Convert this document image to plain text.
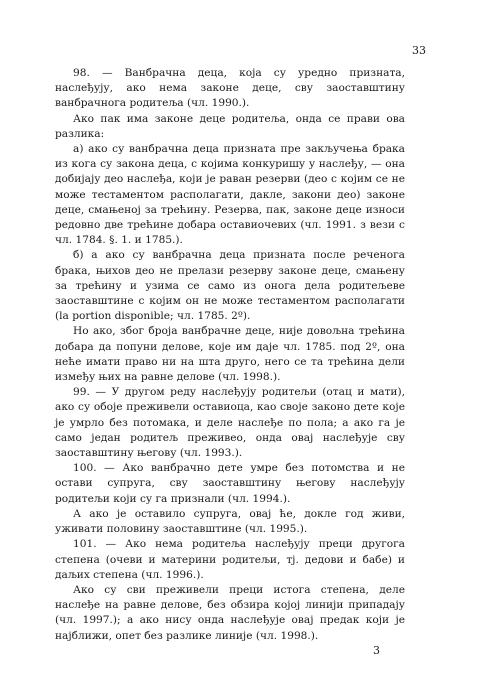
33

98. — Ванбрачна деца, која су уредно призната, наслеђују, ако нема законе деце, сву заоставштину ванбрачнога родитеља (чл. 1990.).

Ако пак има законе деце родитеља, онда се прави ова разлика:

а) ако су ванбрачна деца призната пре закључења брака из кога су закона деца, с којима конкуришу у наслеђу, — она добијају део наслеђа, који је раван резерви (део с којим се не може тестаментом располагати, дакле, закони део) законе деце, смањеној за трећину. Резерва, пак, законе деце износи редовно две трећине добара оставиочевих (чл. 1991. з вези с чл. 1784. §. 1. и 1785.).

б) а ако су ванбрачна деца призната после реченога брака, њихов део не прелази резерву законе деце, смањену за трећину и узима се само из онога дела родитељеве заоставштине с којим он не може тестаментом располагати (la portion disponible; чл. 1785. 2º).

Но ако, због броја ванбрачне деце, није довољна трећина добара да попуни делове, које им даје чл. 1785. под 2º, она неће имати право ни на шта друго, него се та трећина дели између њих на равне делове (чл. 1998.).

99. — У другом реду наслеђују родитељи (отац и мати), ако су обоје преживели оставиоца, као своје законо дете које је умрло без потомака, и деле наслеђе по пола; а ако га је само један родитељ преживео, онда овај наслеђује сву заоставштину његову (чл. 1993.).

100. — Ако ванбрачно дете умре без потомства и не остави супруга, сву заоставштину његову наслеђују родитељи који су га признали (чл. 1994.).

А ако је оставило супруга, овај ће, докле год живи, уживати половину заоставштине (чл. 1995.).

101. — Ако нема родитеља наслеђују преци другога степена (очеви и материни родитељи, тј. дедови и бабе) и даљих степена (чл. 1996.).

Ако су сви преживели преци истога степена, деле наслеђе на равне делове, без обзира којој линији припадају (чл. 1997.); а ако нису онда наслеђује овај предак који је најближи, опет без разлике линије (чл. 1998.).

3
